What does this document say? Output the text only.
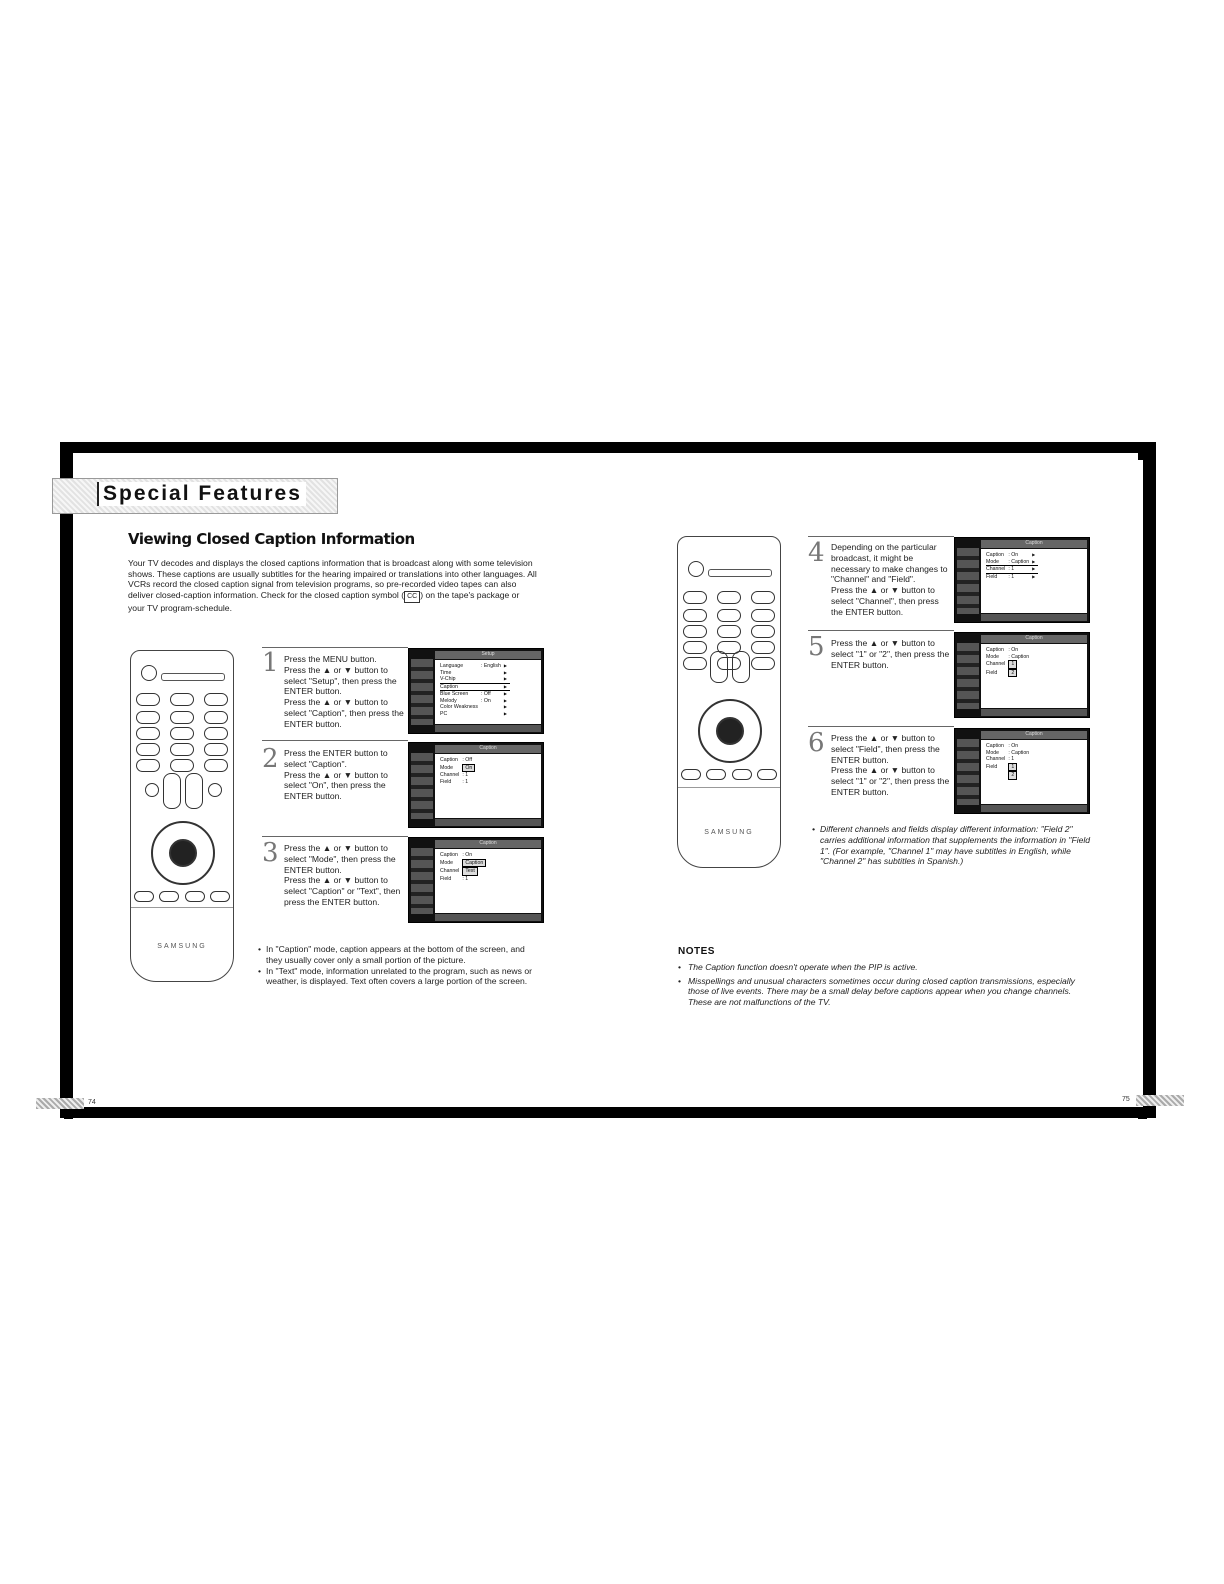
Special Features
Viewing Closed Caption Information
Your TV decodes and displays the closed captions information that is broadcast along with some television shows. These captions are usually subtitles for the hearing impaired or translations into other languages. All VCRs record the closed caption signal from television programs, so pre-recorded video tapes can also deliver closed-caption information. Check for the closed caption symbol ( CC ) on the tape's package or your TV program-schedule.
SAMSUNG
1 Press the MENU button.
Press the ▲ or ▼ button to select "Setup", then press the ENTER button.
Press the ▲ or ▼ button to select "Caption", then press the ENTER button.
Setup
Language	: English	▶
Time		▶
V-Chip		▶
Caption		▶
Blue Screen	: Off	▶
Melody	: On	▶
Color Weakness		▶
PC		▶
2 Press the ENTER button to select "Caption".
Press the ▲ or ▼ button to select "On", then press the ENTER button.
Caption
Caption	: Off
Mode	On
Channel	: 1
Field	: 1
3 Press the ▲ or ▼ button to select "Mode", then press the ENTER button.
Press the ▲ or ▼ button to select "Caption" or "Text", then press the ENTER button.
Caption
Caption	: On
Mode	Caption
Channel	Text
Field	: 1
• In "Caption" mode, caption appears at the bottom of the screen, and they usually cover only a small portion of the picture.
• In "Text" mode, information unrelated to the program, such as news or weather, is displayed. Text often covers a large portion of the screen.
SAMSUNG
4 Depending on the particular broadcast, it might be necessary to make changes to "Channel" and "Field".
Press the ▲ or ▼ button to select "Channel", then press the ENTER button.
Caption
Caption	: On	▶
Mode	: Caption	▶
Channel	: 1	▶
Field	: 1	▶
5 Press the ▲ or ▼ button to select "1" or "2", then press the ENTER button.
Caption
Caption	: On
Mode	: Caption
Channel	1
Field	2
6 Press the ▲ or ▼ button to select "Field", then press the ENTER button.
Press the ▲ or ▼ button to select "1" or "2", then press the ENTER button.
Caption
Caption	: On
Mode	: Caption
Channel	: 1
Field	1
	2
• Different channels and fields display different information: "Field 2" carries additional information that supplements the information in "Field 1". (For example, "Channel 1" may have subtitles in English, while "Channel 2" has subtitles in Spanish.)
NOTES
• The Caption function doesn't operate when the PIP is active.
• Misspellings and unusual characters sometimes occur during closed caption transmissions, especially those of live events. There may be a small delay before captions appear when you change channels. These are not malfunctions of the TV.
74	75
